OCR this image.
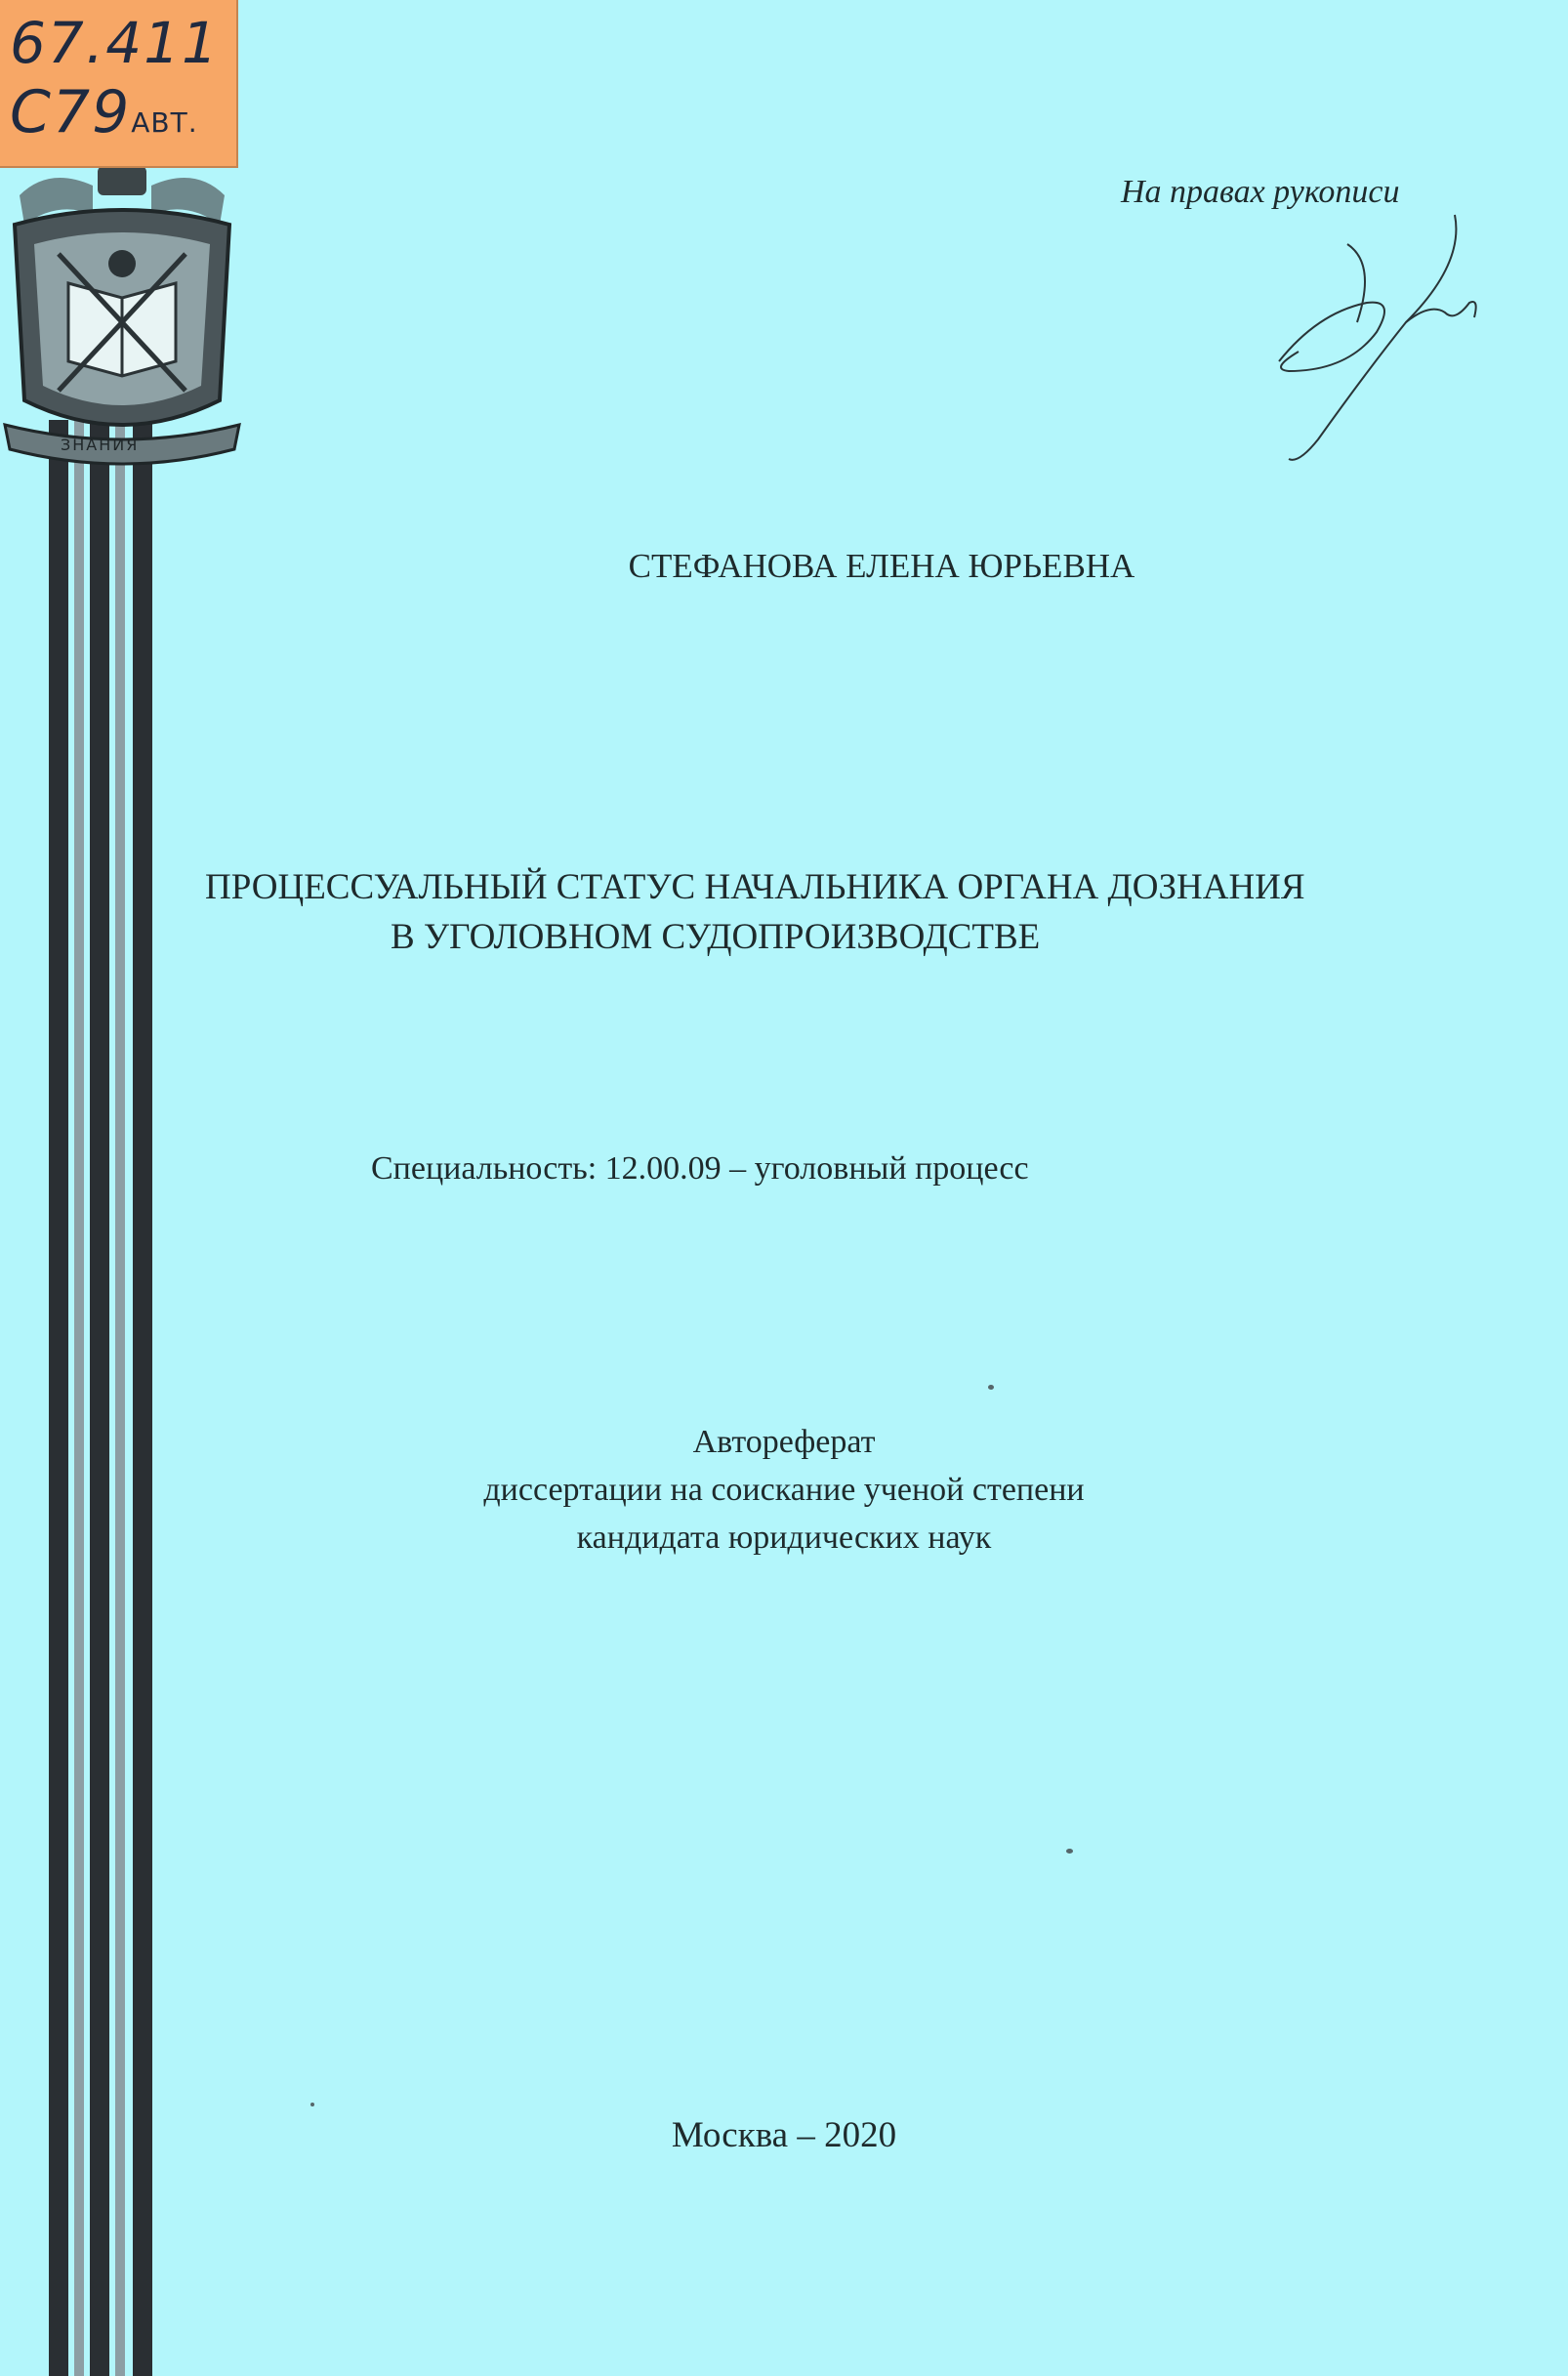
ЗНАНИЯ
67.411
С79АВТ.
На правах рукописи
СТЕФАНОВА ЕЛЕНА ЮРЬЕВНА
ПРОЦЕССУАЛЬНЫЙ СТАТУС НАЧАЛЬНИКА ОРГАНА ДОЗНАНИЯ
В УГОЛОВНОМ СУДОПРОИЗВОДСТВЕ
Специальность: 12.00.09 – уголовный процесс
Автореферат
диссертации на соискание ученой степени
кандидата юридических наук
Москва – 2020
